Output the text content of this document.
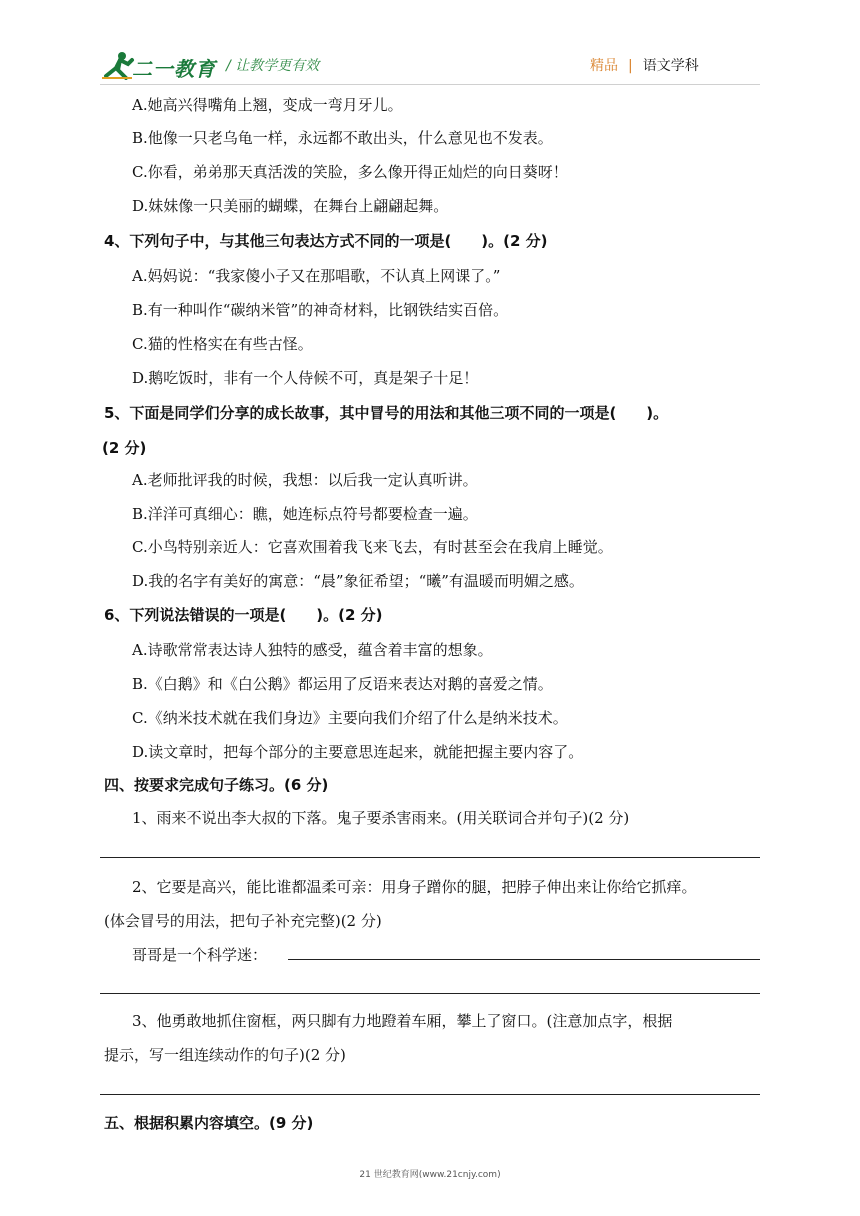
二一教育 / 让教学更有效	精品 | 语文学科
A.她高兴得嘴角上翘，变成一弯月牙儿。
B.他像一只老乌龟一样，永远都不敢出头，什么意见也不发表。
C.你看，弟弟那天真活泼的笑脸，多么像开得正灿烂的向日葵呀！
D.妹妹像一只美丽的蝴蝶，在舞台上翩翩起舞。
4、下列句子中，与其他三句表达方式不同的一项是(　　)。(2 分)
A.妈妈说：“我家傻小子又在那唱歌，不认真上网课了。”
B.有一种叫作“碳纳米管”的神奇材料，比钢铁结实百倍。
C.猫的性格实在有些古怪。
D.鹅吃饭时，非有一个人侍候不可，真是架子十足！
5、下面是同学们分享的成长故事，其中冒号的用法和其他三项不同的一项是(　　)。
(2 分)
A.老师批评我的时候，我想：以后我一定认真听讲。
B.洋洋可真细心：瞧，她连标点符号都要检查一遍。
C.小鸟特别亲近人：它喜欢围着我飞来飞去，有时甚至会在我肩上睡觉。
D.我的名字有美好的寓意：“晨”象征希望；“曦”有温暖而明媚之感。
6、下列说法错误的一项是(　　)。(2 分)
A.诗歌常常表达诗人独特的感受，蕴含着丰富的想象。
B.《白鹅》和《白公鹅》都运用了反语来表达对鹅的喜爱之情。
C.《纳米技术就在我们身边》主要向我们介绍了什么是纳米技术。
D.读文章时，把每个部分的主要意思连起来，就能把握主要内容了。
四、按要求完成句子练习。(6 分)
1、雨来不说出李大叔的下落。鬼子要杀害雨来。(用关联词合并句子)(2 分)
2、它要是高兴，能比谁都温柔可亲：用身子蹭你的腿，把脖子伸出来让你给它抓痒。
(体会冒号的用法，把句子补充完整)(2 分)
哥哥是一个科学迷：
3、他勇敢地抓住窗框，两只脚有力地蹬着车厢，攀上了窗口。(注意加点字，根据
提示，写一组连续动作的句子)(2 分)
五、根据积累内容填空。(9 分)
21 世纪教育网(www.21cnjy.com)
